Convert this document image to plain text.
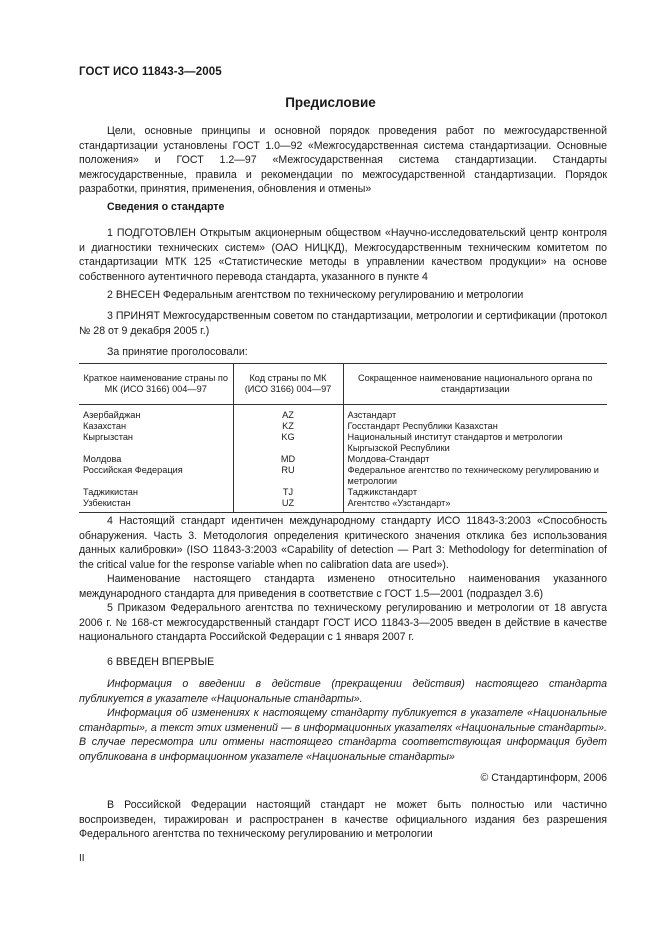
ГОСТ ИСО 11843-3—2005
Предисловие

Цели, основные принципы и основной порядок проведения работ по межгосударственной стандартизации установлены ГОСТ 1.0—92 «Межгосударственная система стандартизации. Основные положения» и ГОСТ 1.2—97 «Межгосударственная система стандартизации. Стандарты межгосударственные, правила и рекомендации по межгосударственной стандартизации. Порядок разработки, принятия, применения, обновления и отмены»

Сведения о стандарте

1 ПОДГОТОВЛЕН Открытым акционерным обществом «Научно-исследовательский центр контроля и диагностики технических систем» (ОАО НИЦКД), Межгосударственным техническим комитетом по стандартизации МТК 125 «Статистические методы в управлении качеством продукции» на основе собственного аутентичного перевода стандарта, указанного в пункте 4

2 ВНЕСЕН Федеральным агентством по техническому регулированию и метрологии

3 ПРИНЯТ Межгосударственным советом по стандартизации, метрологии и сертификации (протокол № 28 от 9 декабря 2005 г.)

За принятие проголосовали:

Краткое наименование страны по МК (ИСО 3166) 004—97	Код страны по МК (ИСО 3166) 004—97	Сокращенное наименование национального органа по стандартизации
Азербайджан	AZ	Азстандарт
Казахстан	KZ	Госстандарт Республики Казахстан
Кыргызстан	KG	Национальный институт стандартов и метрологии Кыргызской Республики
Молдова	MD	Молдова-Стандарт
Российская Федерация	RU	Федеральное агентство по техническому регулированию и метрологии
Таджикистан	TJ	Таджикстандарт
Узбекистан	UZ	Агентство «Узстандарт»

4 Настоящий стандарт идентичен международному стандарту ИСО 11843-3:2003 «Способность обнаружения. Часть 3. Методология определения критического значения отклика без использования данных калибровки» (ISO 11843-3:2003 «Capability of detection — Part 3: Methodology for determination of the critical value for the response variable when no calibration data are used»).

Наименование настоящего стандарта изменено относительно наименования указанного международного стандарта для приведения в соответствие с ГОСТ 1.5—2001 (подраздел 3.6)

5 Приказом Федерального агентства по техническому регулированию и метрологии от 18 августа 2006 г. № 168-ст межгосударственный стандарт ГОСТ ИСО 11843-3—2005 введен в действие в качестве национального стандарта Российской Федерации с 1 января 2007 г.

6 ВВЕДЕН ВПЕРВЫЕ

Информация о введении в действие (прекращении действия) настоящего стандарта публикуется в указателе «Национальные стандарты».

Информация об изменениях к настоящему стандарту публикуется в указателе «Национальные стандарты», а текст этих изменений — в информационных указателях «Национальные стандарты». В случае пересмотра или отмены настоящего стандарта соответствующая информация будет опубликована в информационном указателе «Национальные стандарты»

© Стандартинформ, 2006

В Российской Федерации настоящий стандарт не может быть полностью или частично воспроизведен, тиражирован и распространен в качестве официального издания без разрешения Федерального агентства по техническому регулированию и метрологии

II
